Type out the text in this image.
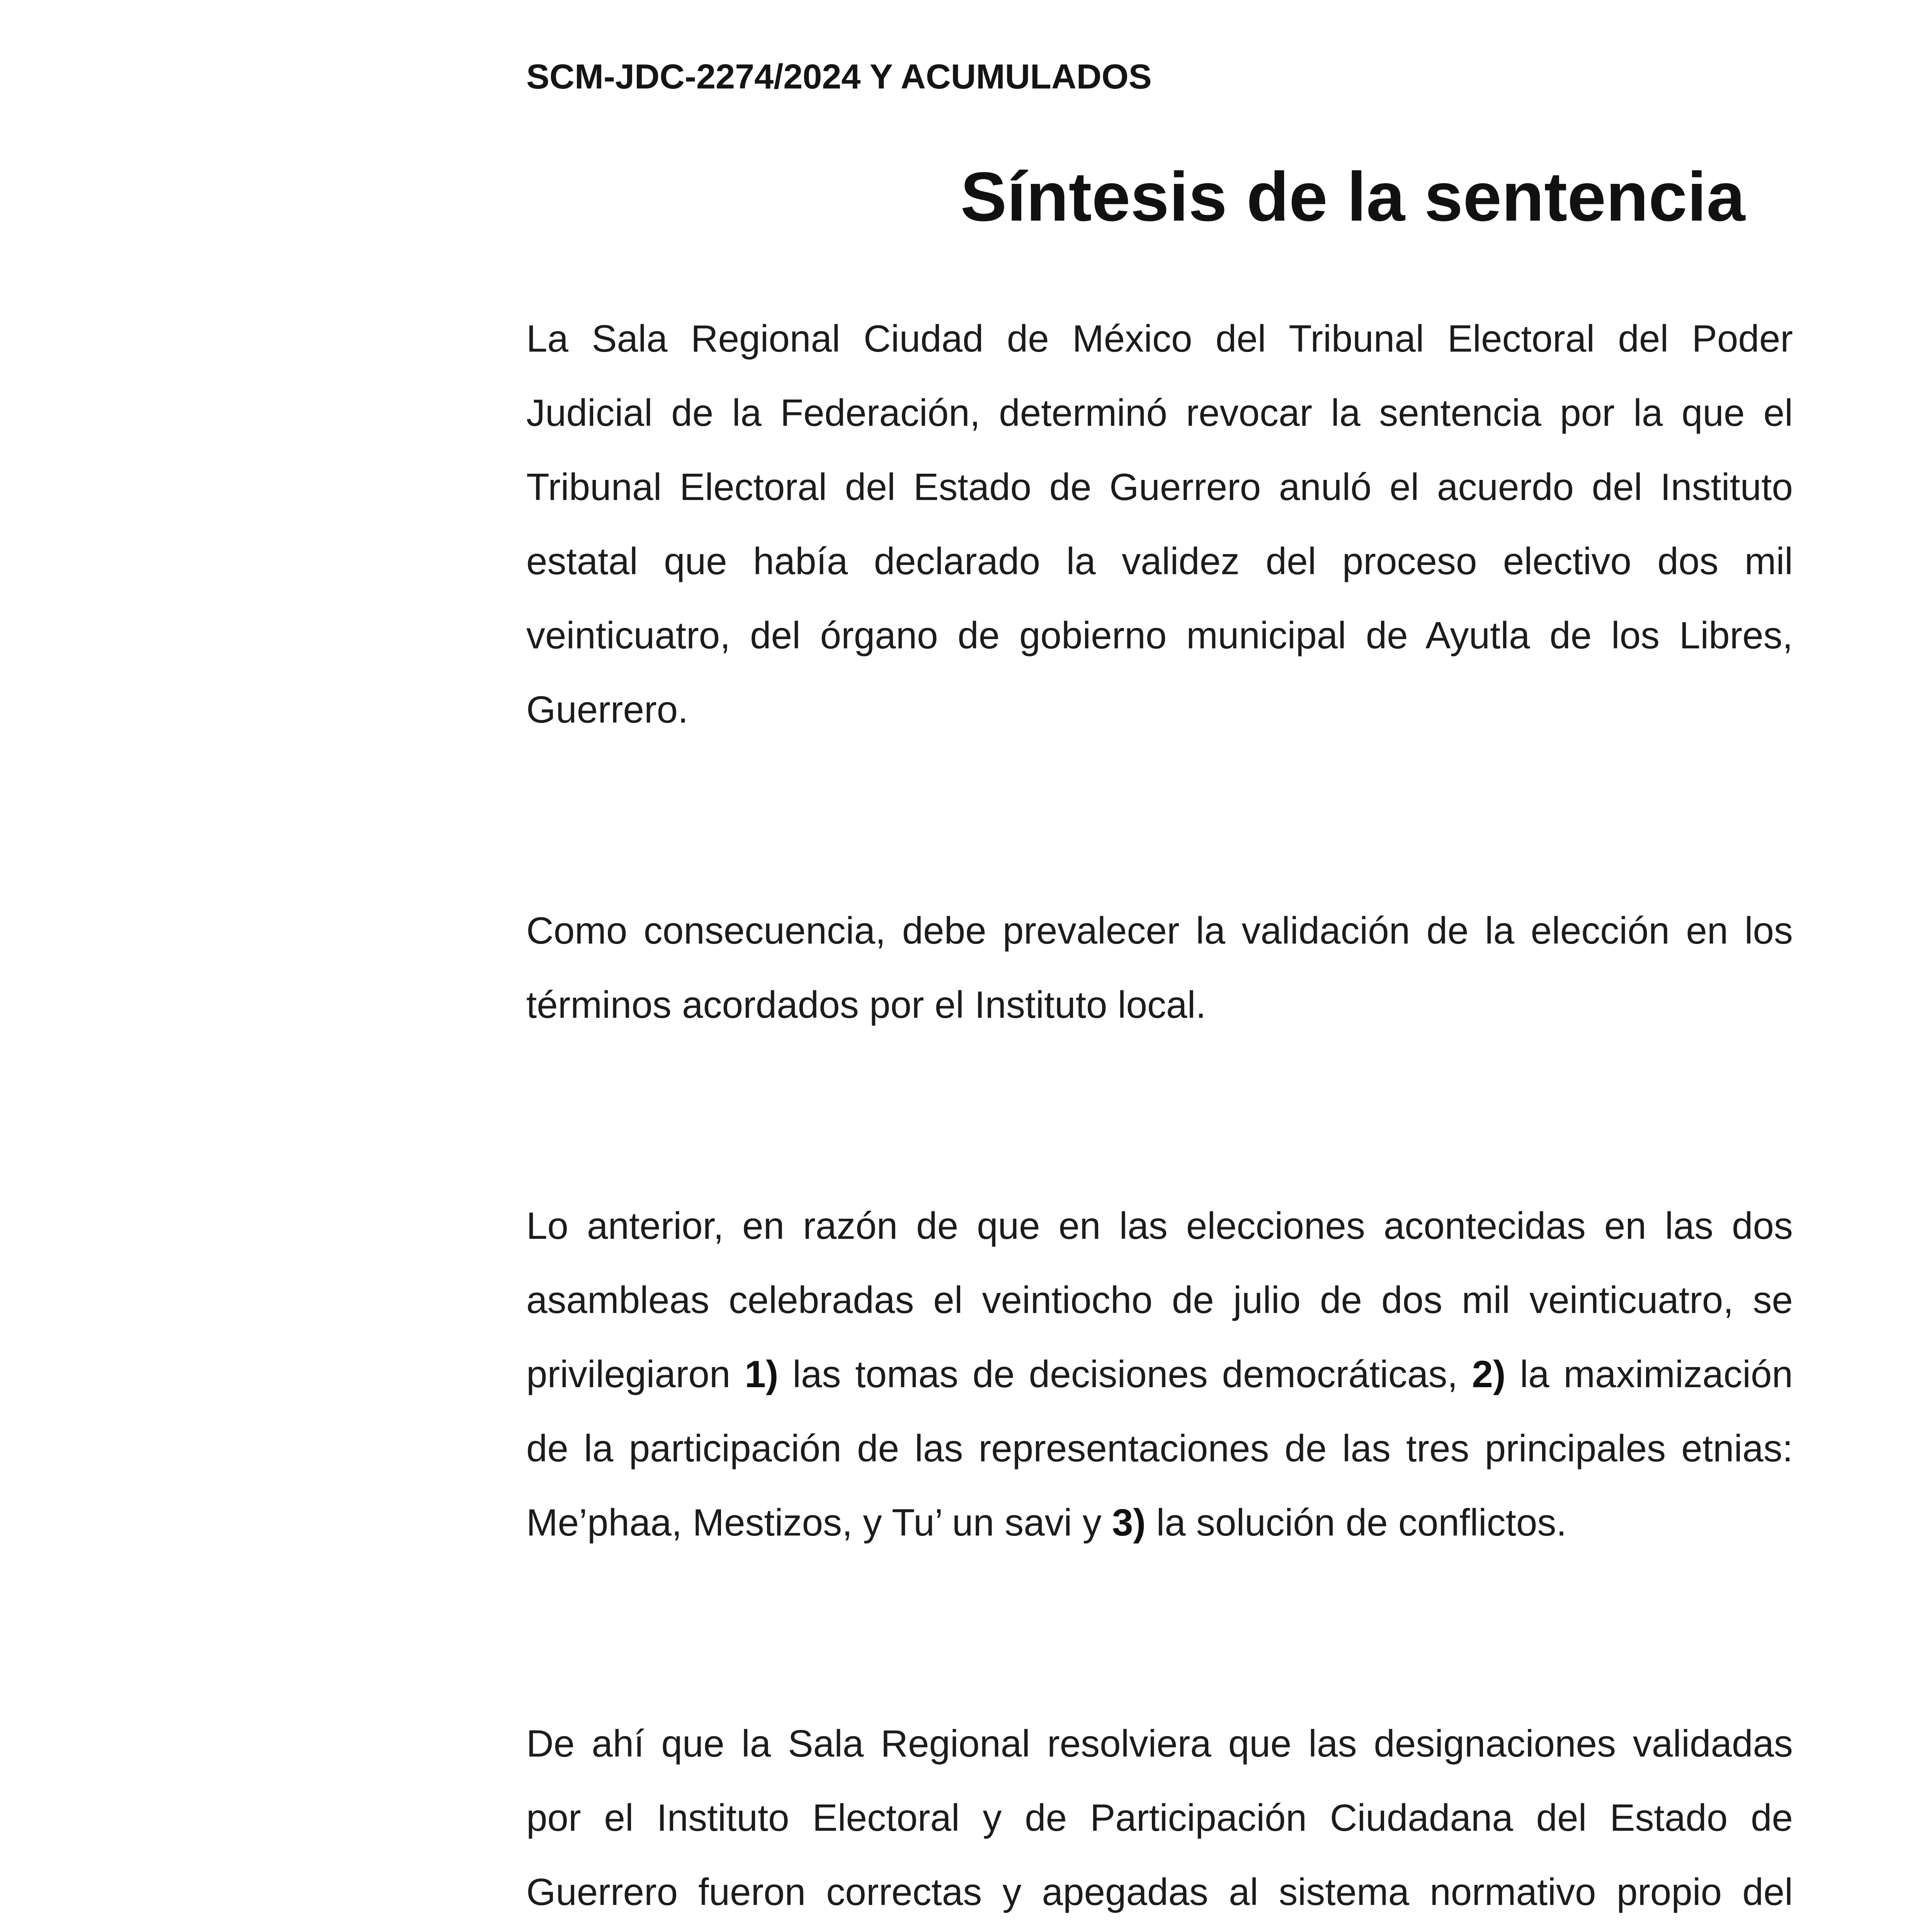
SCM-JDC-2274/2024 Y ACUMULADOS
Síntesis de la sentencia

La Sala Regional Ciudad de México del Tribunal Electoral del Poder Judicial de la Federación, determinó revocar la sentencia por la que el Tribunal Electoral del Estado de Guerrero anuló el acuerdo del Instituto estatal que había declarado la validez del proceso electivo dos mil veinticuatro, del órgano de gobierno municipal de Ayutla de los Libres, Guerrero.

Como consecuencia, debe prevalecer la validación de la elección en los términos acordados por el Instituto local.

Lo anterior, en razón de que en las elecciones acontecidas en las dos asambleas celebradas el veintiocho de julio de dos mil veinticuatro, se privilegiaron 1) las tomas de decisiones democráticas, 2) la maximización de la participación de las representaciones de las tres principales etnias: Me’phaa, Mestizos, y Tu’ un savi y 3) la solución de conflictos.

De ahí que la Sala Regional resolviera que las designaciones validadas por el Instituto Electoral y de Participación Ciudadana del Estado de Guerrero fueron correctas y apegadas al sistema normativo propio del
